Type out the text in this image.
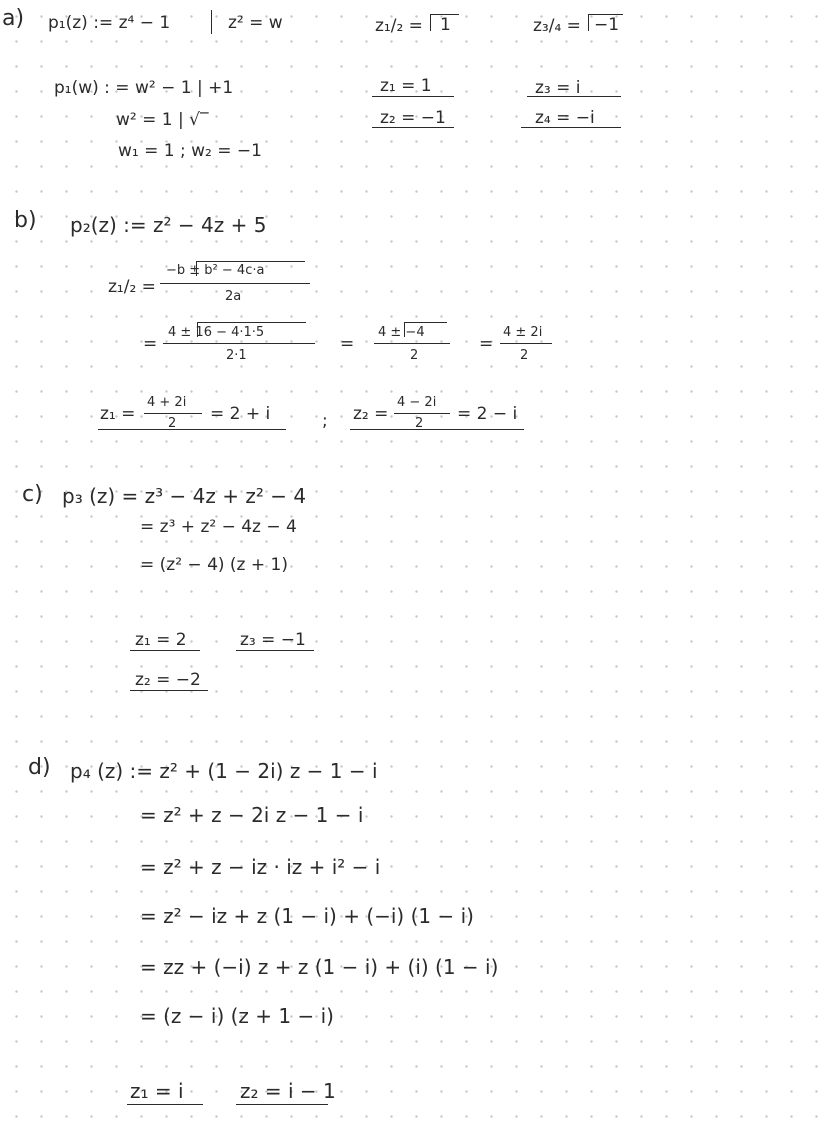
a) p₁(z) := z⁴ − 1	z² = w	z₁/₂ = 1	z₃/₄ = −1
p₁(w) : = w² − 1 | +1
w² = 1 | √‾
w₁ = 1 ; w₂ = −1
z₁ = 1
z₂ = −1
z₃ = i
z₄ = −i
b) p₂(z) := z² − 4z + 5
z₁/₂ =
−b ± b² − 4c·a
2a
=
4 ± 16 − 4·1·5
2·1
=
4 ± −4
2
=
4 ± 2i
2
z₁ =
4 + 2i
2 = 2 + i	; z₂ =
4 − 2i
2 = 2 − i
c) p₃ (z) = z³ − 4z + z² − 4
= z³ + z² − 4z − 4
= (z² − 4) (z + 1)
z₁ = 2	z₃ = −1
z₂ = −2
d) p₄ (z) := z² + (1 − 2i) z − 1 − i
= z² + z − 2i z − 1 − i
= z² + z − iz · iz + i² − i
= z² − iz + z (1 − i) + (−i) (1 − i)
= zz + (−i) z + z (1 − i) + (i) (1 − i)
= (z − i) (z + 1 − i)
z₁ = i	z₂ = i − 1
